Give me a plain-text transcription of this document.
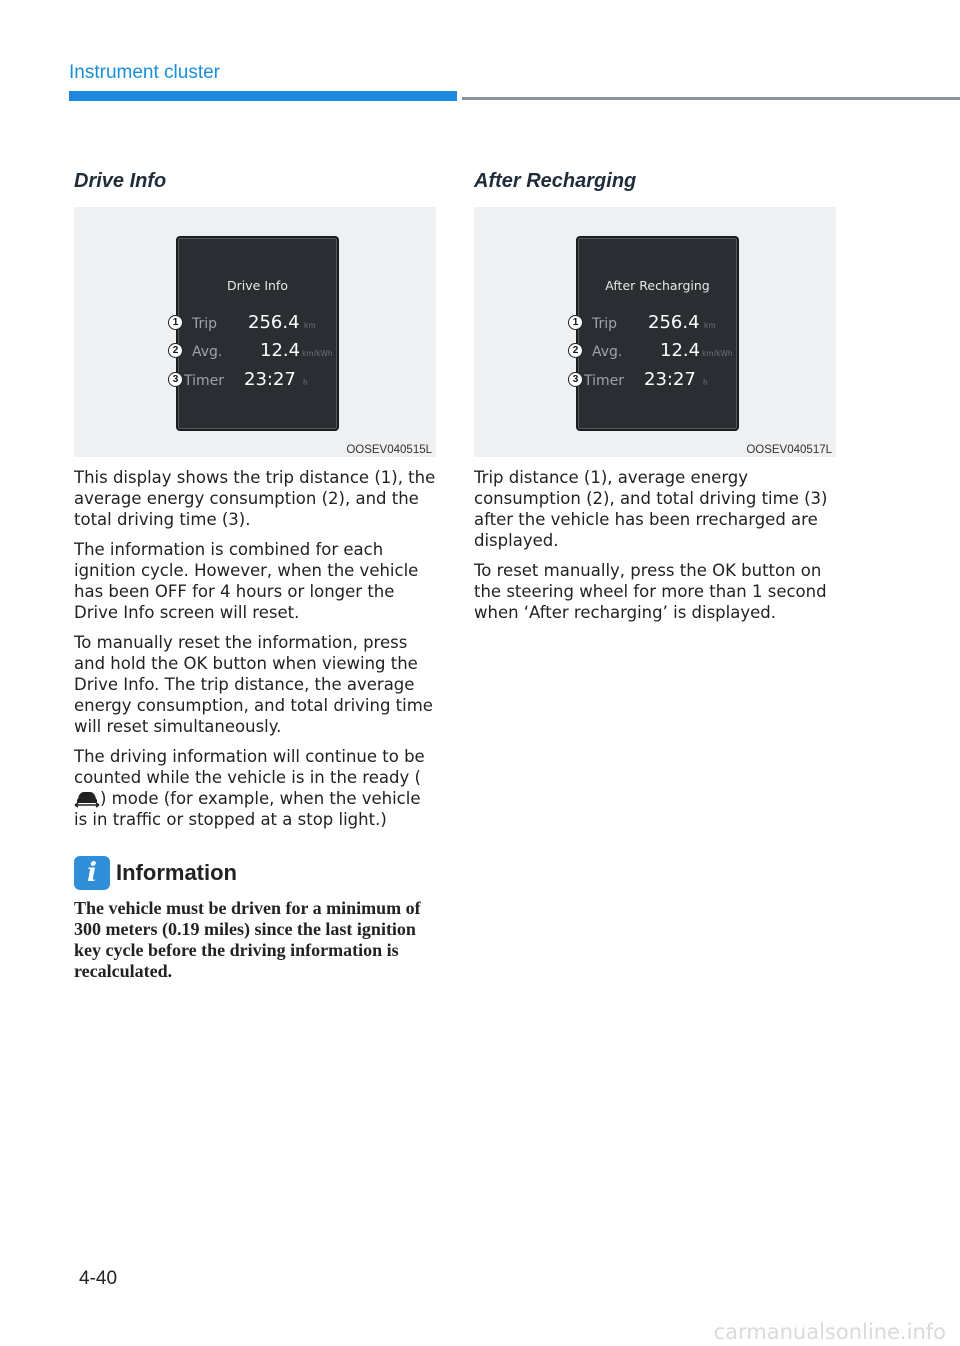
Instrument cluster
Drive Info
Drive Info
Trip 256.4 km
Avg. 12.4 km/kWh
Timer 23:27 h
1
2
3
OOSEV040515L

This display shows the trip distance (1), the average energy consumption (2), and the total driving time (3).

The information is combined for each ignition cycle. However, when the vehicle has been OFF for 4 hours or longer the Drive Info screen will reset.

To manually reset the information, press and hold the OK button when viewing the Drive Info. The trip distance, the average energy consumption, and total driving time will reset simultaneously.

The driving information will continue to be counted while the vehicle is in the ready () mode (for example, when the vehicle is in traffic or stopped at a stop light.)

i Information

The vehicle must be driven for a minimum of 300 meters (0.19 miles) since the last ignition key cycle before the driving information is recalculated.

After Recharging
After Recharging
Trip 256.4 km
Avg. 12.4 km/kWh
Timer 23:27 h
1
2
3
OOSEV040517L

Trip distance (1), average energy consumption (2), and total driving time (3) after the vehicle has been rrecharged are displayed.

To reset manually, press the OK button on the steering wheel for more than 1 second when ‘After recharging’ is displayed.

4-40
carmanualsonline.info
